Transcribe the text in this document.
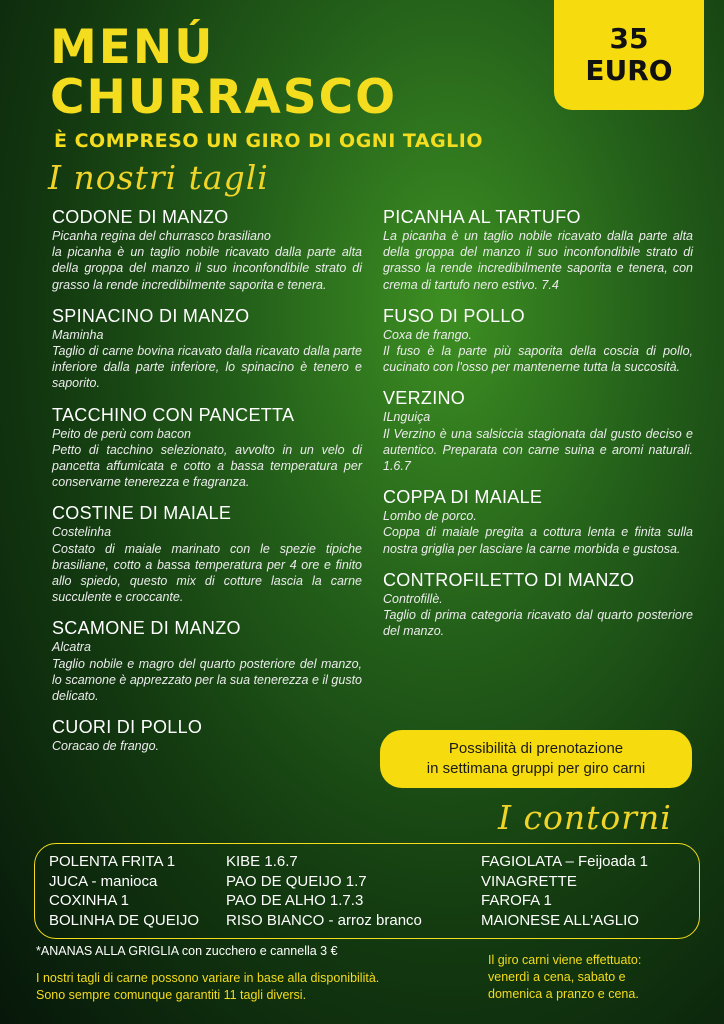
MENÚ
CHURRASCO
È COMPRESO UN GIRO DI OGNI TAGLIO
35
EURO
I nostri tagli
CODONE DI MANZO
Picanha regina del churrasco brasiliano
la picanha è un taglio nobile ricavato dalla parte alta della groppa del manzo il suo inconfondibile strato di grasso la rende incredibilmente saporita e tenera.
SPINACINO DI MANZO
Maminha
Taglio di carne bovina ricavato dalla ricavato dalla parte inferiore dalla parte inferiore, lo spinacino è tenero e saporito.
TACCHINO CON PANCETTA
Peito de perù com bacon
Petto di tacchino selezionato, avvolto in un velo di pancetta affumicata e cotto a bassa temperatura per conservarne tenerezza e fragranza.
COSTINE DI MAIALE
Costelinha
Costato di maiale marinato con le spezie tipiche brasiliane, cotto a bassa temperatura per 4 ore e finito allo spiedo, questo mix di cotture lascia la carne succulente e croccante.
SCAMONE DI MANZO
Alcatra
Taglio nobile e magro del quarto posteriore del manzo, lo scamone è apprezzato per la sua tenerezza e il gusto delicato.
CUORI DI POLLO
Coracao de frango.
PICANHA AL TARTUFO
La picanha è un taglio nobile ricavato dalla parte alta della groppa del manzo il suo inconfondibile strato di grasso la rende incredibilmente saporita e tenera, con crema di tartufo nero estivo. 7.4
FUSO DI POLLO
Coxa de frango.
Il fuso è la parte più saporita della coscia di pollo, cucinato con l'osso per mantenerne tutta la succosità.
VERZINO
ILnguiça
Il Verzino è una salsiccia stagionata dal gusto deciso e autentico. Preparata con carne suina e aromi naturali. 1.6.7
COPPA DI MAIALE
Lombo de porco.
Coppa di maiale pregita a cottura lenta e finita sulla nostra griglia per lasciare la carne morbida e gustosa.
CONTROFILETTO DI MANZO
Controfillè.
Taglio di prima categoria ricavato dal quarto posteriore del manzo.
Possibilità di prenotazione
in settimana gruppi per giro carni
I contorni
POLENTA FRITA 1
JUCA - manioca
COXINHA 1
BOLINHA DE QUEIJO
KIBE 1.6.7
PAO DE QUEIJO 1.7
PAO DE ALHO 1.7.3
RISO BIANCO - arroz branco
FAGIOLATA – Feijoada 1
VINAGRETTE
FAROFA 1
MAIONESE ALL'AGLIO
*ANANAS ALLA GRIGLIA con zucchero e cannella 3 €
I nostri tagli di carne possono variare in base alla disponibilità.
Sono sempre comunque garantiti 11 tagli diversi.
Il giro carni viene effettuato:
venerdì a cena, sabato e
domenica a pranzo e cena.
